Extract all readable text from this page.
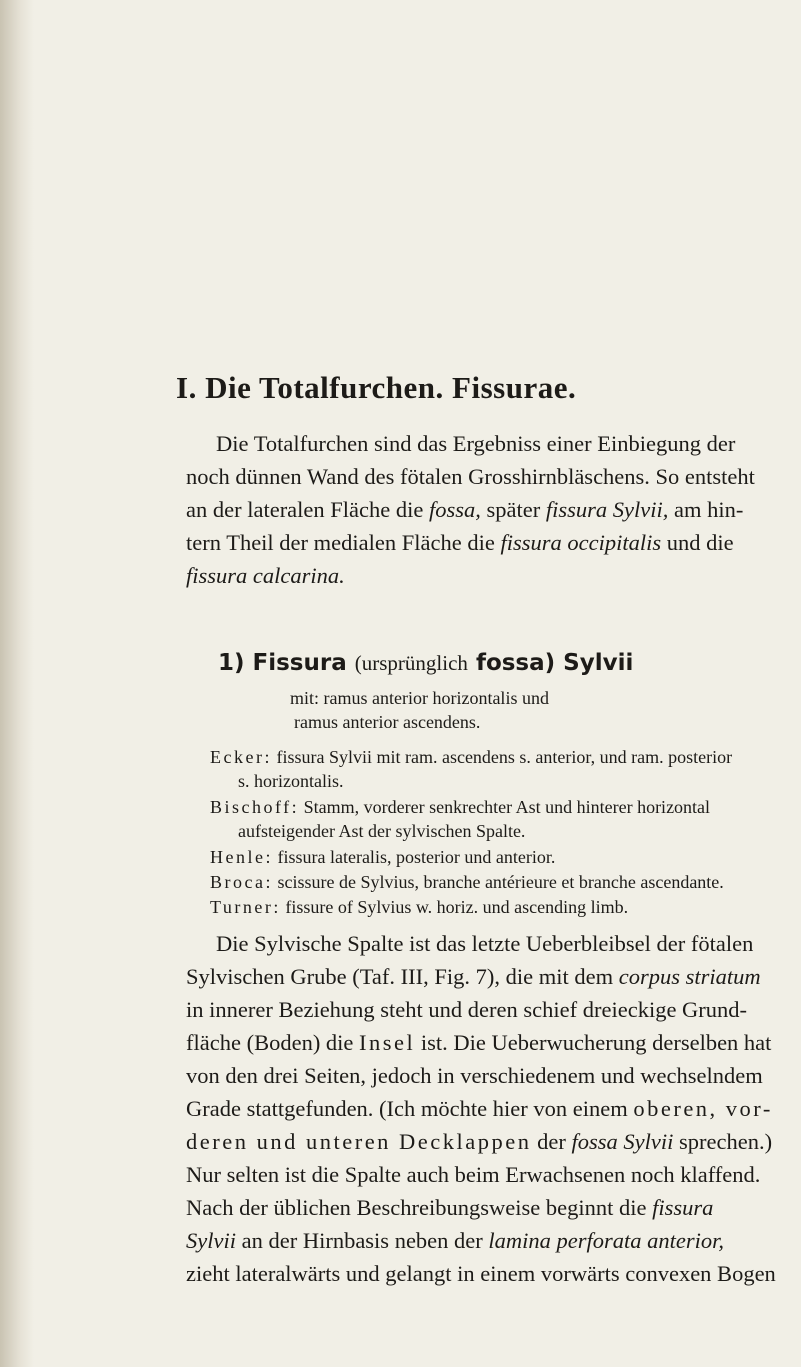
I. Die Totalfurchen. Fissurae.
Die Totalfurchen sind das Ergebniss einer Einbiegung der
noch dünnen Wand des fötalen Grosshirnbläschens. So entsteht
an der lateralen Fläche die fossa, später fissura Sylvii, am hin-
tern Theil der medialen Fläche die fissura occipitalis und die
fissura calcarina.
1) Fissura (ursprünglich fossa) Sylvii
mit: ramus anterior horizontalis und
ramus anterior ascendens.
Ecker: fissura Sylvii mit ram. ascendens s. anterior, und ram. posterior
s. horizontalis.
Bischoff: Stamm, vorderer senkrechter Ast und hinterer horizontal
aufsteigender Ast der sylvischen Spalte.
Henle: fissura lateralis, posterior und anterior.
Broca: scissure de Sylvius, branche antérieure et branche ascendante.
Turner: fissure of Sylvius w. horiz. und ascending limb.
Die Sylvische Spalte ist das letzte Ueberbleibsel der fötalen
Sylvischen Grube (Taf. III, Fig. 7), die mit dem corpus striatum
in innerer Beziehung steht und deren schief dreieckige Grund-
fläche (Boden) die Insel ist. Die Ueberwucherung derselben hat
von den drei Seiten, jedoch in verschiedenem und wechselndem
Grade stattgefunden. (Ich möchte hier von einem oberen, vor-
deren und unteren Decklappen der fossa Sylvii sprechen.)
Nur selten ist die Spalte auch beim Erwachsenen noch klaffend.
Nach der üblichen Beschreibungsweise beginnt die fissura
Sylvii an der Hirnbasis neben der lamina perforata anterior,
zieht lateralwärts und gelangt in einem vorwärts convexen Bogen
